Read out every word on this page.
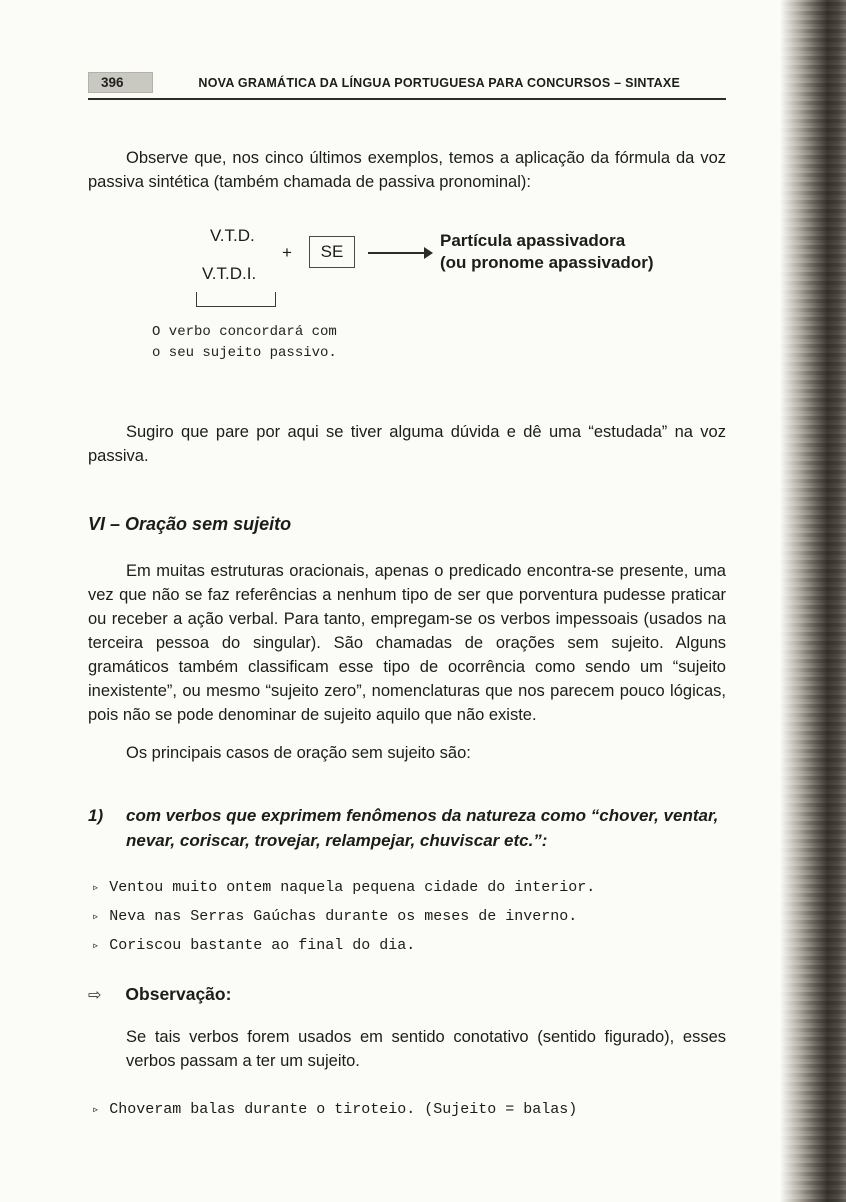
396	NOVA GRAMÁTICA DA LÍNGUA PORTUGUESA PARA CONCURSOS – SINTAXE

Observe que, nos cinco últimos exemplos, temos a aplicação da fórmula da voz passiva sintética (também chamada de passiva pronominal):

V.T.D.
V.T.D.I.
+	SE
Partícula apassivadora
(ou pronome apassivador)
O verbo concordará com
o seu sujeito passivo.

Sugiro que pare por aqui se tiver alguma dúvida e dê uma “estudada” na voz passiva.

VI – Oração sem sujeito

Em muitas estruturas oracionais, apenas o predicado encontra-se presente, uma vez que não se faz referências a nenhum tipo de ser que porventura pudesse praticar ou receber a ação verbal. Para tanto, empregam-se os verbos impessoais (usados na terceira pessoa do singular). São chamadas de orações sem sujeito. Alguns gramáticos também classificam esse tipo de ocorrência como sendo um “sujeito inexistente”, ou mesmo “sujeito zero”, nomenclaturas que nos parecem pouco lógicas, pois não se pode denominar de sujeito aquilo que não existe.

Os principais casos de oração sem sujeito são:

1) com verbos que exprimem fenômenos da natureza como “chover, ventar, nevar, coriscar, trovejar, relampejar, chuviscar etc.”:
▹ Ventou muito ontem naquela pequena cidade do interior.
▹ Neva nas Serras Gaúchas durante os meses de inverno.
▹ Coriscou bastante ao final do dia.
⇨ Observação:

Se tais verbos forem usados em sentido conotativo (sentido figurado), esses verbos passam a ter um sujeito.

▹ Choveram balas durante o tiroteio. (Sujeito = balas)
